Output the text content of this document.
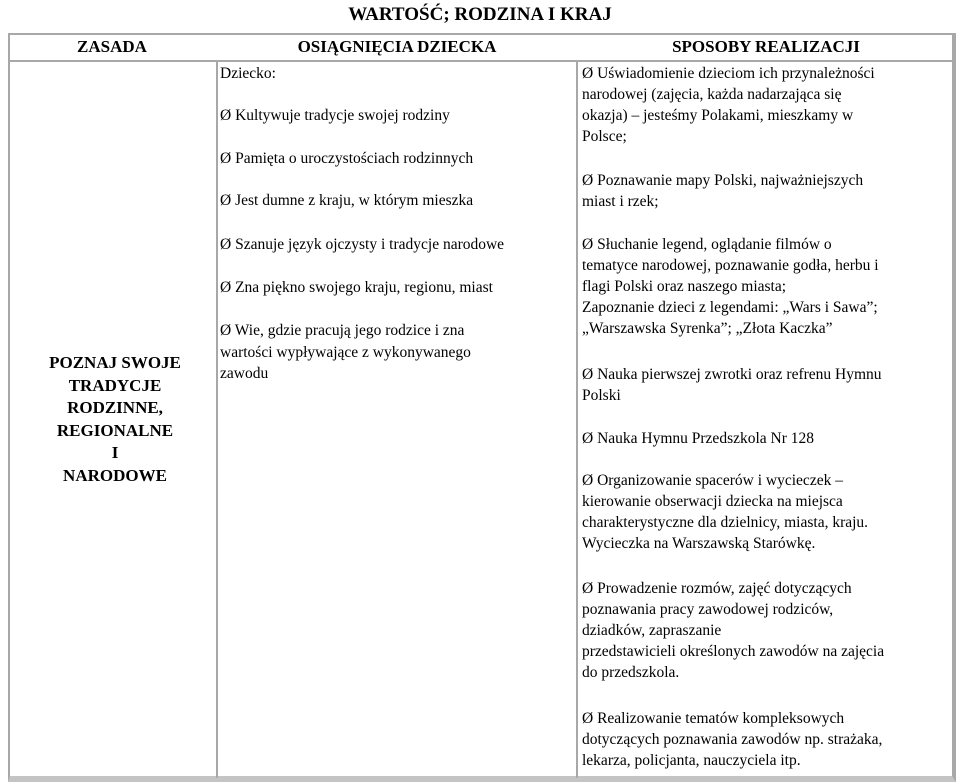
WARTOŚĆ; RODZINA I KRAJ
ZASADA	OSIĄGNIĘCIA DZIECKA	SPOSOBY REALIZACJI
POZNAJ SWOJE
TRADYCJE
RODZINNE,
REGIONALNE
I
NARODOWE
Dziecko:
Ø Kultywuje tradycje swojej rodziny
Ø Pamięta o uroczystościach rodzinnych
Ø Jest dumne z kraju, w którym mieszka
Ø Szanuje język ojczysty i tradycje narodowe
Ø Zna piękno swojego kraju, regionu, miast
Ø Wie, gdzie pracują jego rodzice i zna
wartości wypływające z wykonywanego
zawodu
Ø Uświadomienie dzieciom ich przynależności
narodowej (zajęcia, każda nadarzająca się
okazja) – jesteśmy Polakami, mieszkamy w
Polsce;
Ø Poznawanie mapy Polski, najważniejszych
miast i rzek;
Ø Słuchanie legend, oglądanie filmów o
tematyce narodowej, poznawanie godła, herbu i
flagi Polski oraz naszego miasta;
Zapoznanie dzieci z legendami: „Wars i Sawa”;
„Warszawska Syrenka”; „Złota Kaczka”
Ø Nauka pierwszej zwrotki oraz refrenu Hymnu
Polski
Ø Nauka Hymnu Przedszkola Nr 128
Ø Organizowanie spacerów i wycieczek –
kierowanie obserwacji dziecka na miejsca
charakterystyczne dla dzielnicy, miasta, kraju.
Wycieczka na Warszawską Starówkę.
Ø Prowadzenie rozmów, zajęć dotyczących
poznawania pracy zawodowej rodziców,
dziadków, zapraszanie
przedstawicieli określonych zawodów na zajęcia
do przedszkola.
Ø Realizowanie tematów kompleksowych
dotyczących poznawania zawodów np. strażaka,
lekarza, policjanta, nauczyciela itp.
